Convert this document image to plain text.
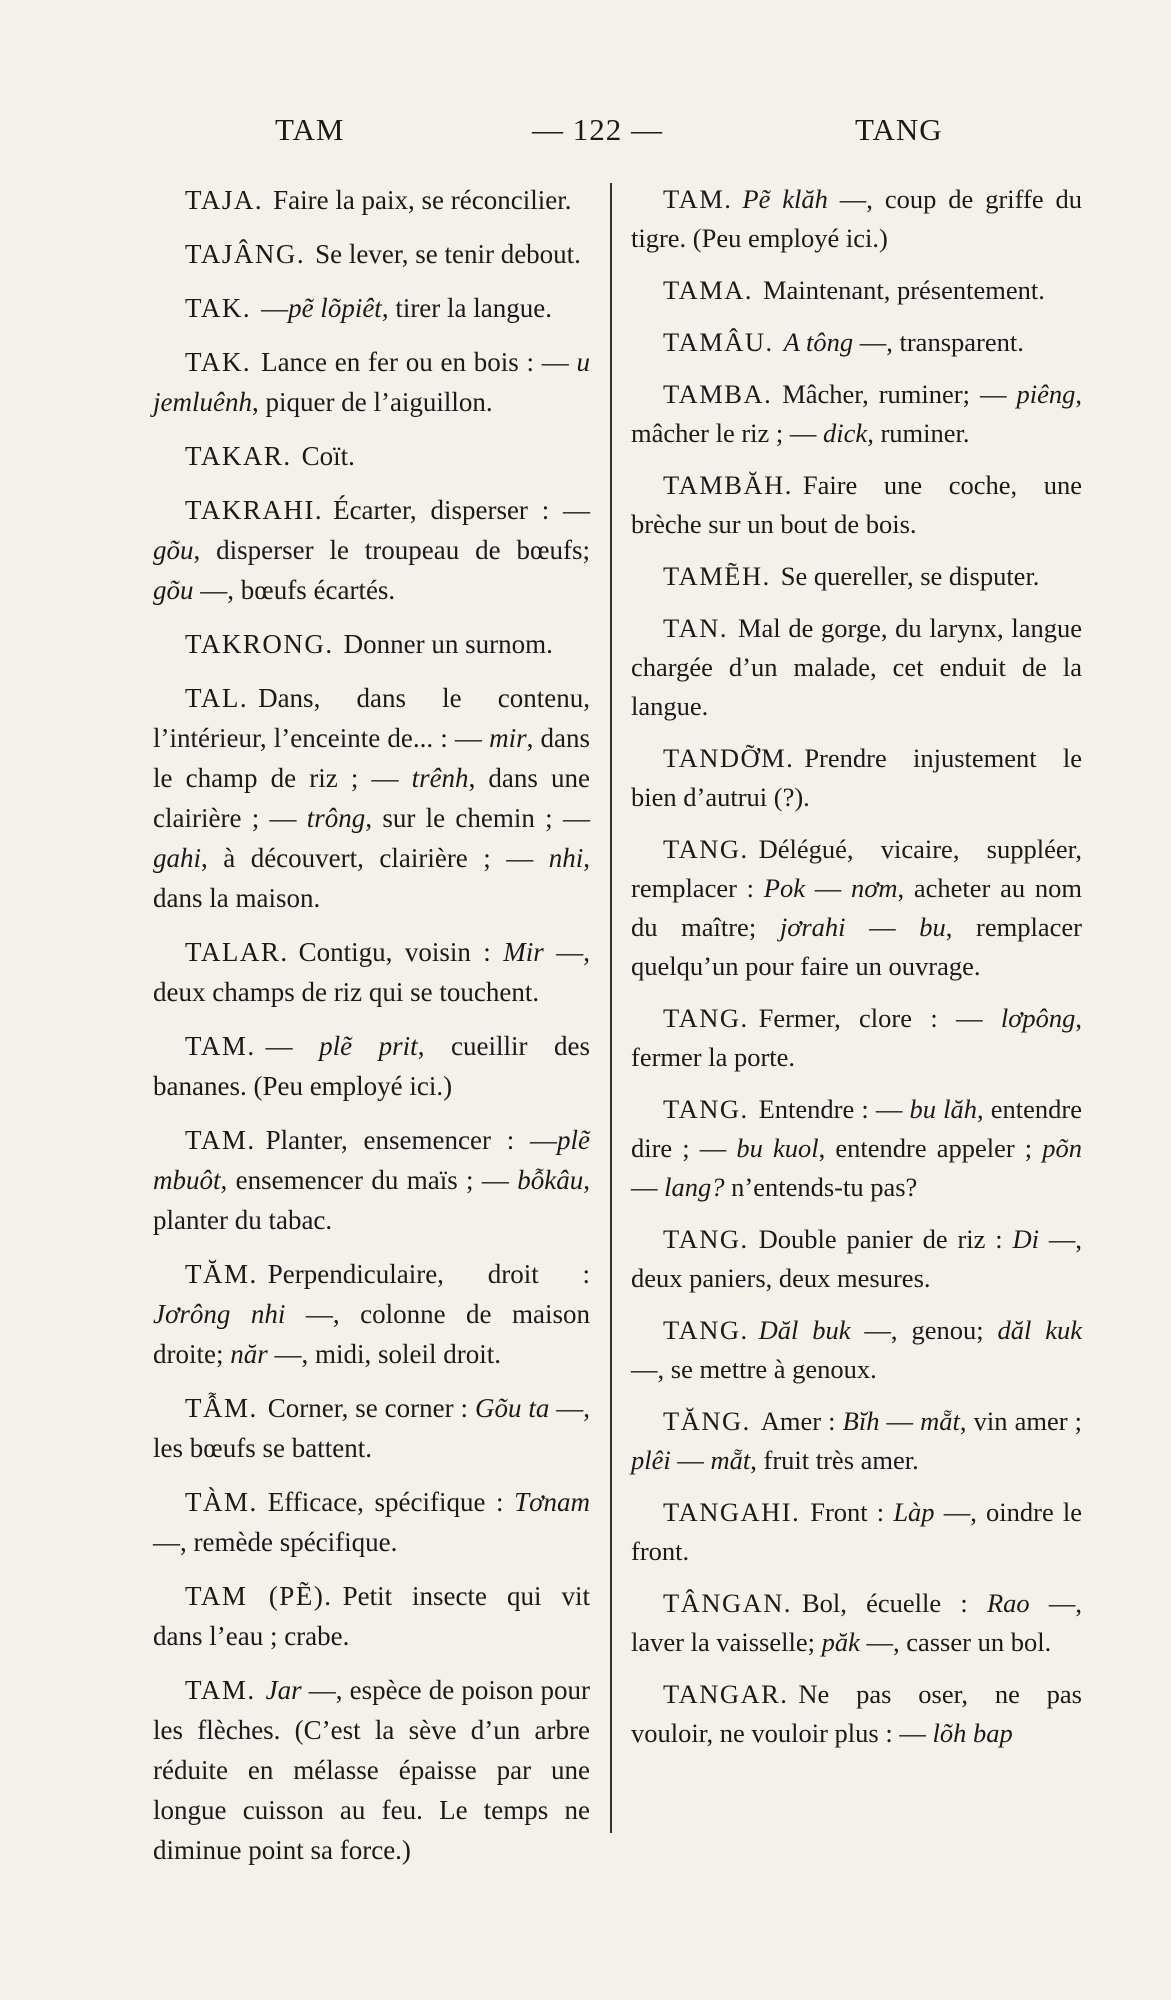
TAM	— 122 —	TANG

TAJA. Faire la paix, se réconcilier.

TAJÂNG. Se lever, se tenir debout.

TAK. —pẽ lõpiêt, tirer la langue.

TAK. Lance en fer ou en bois : — u jemluênh, piquer de l’aiguillon.

TAKAR. Coït.

TAKRAHI. Écarter, disperser : — gõu, disperser le troupeau de bœufs; gõu —, bœufs écartés.

TAKRONG. Donner un surnom.

TAL. Dans, dans le contenu, l’intérieur, l’enceinte de... : — mir, dans le champ de riz ; — trênh, dans une clairière ; — trông, sur le chemin ; — gahi, à découvert, clairière ; — nhi, dans la maison.

TALAR. Contigu, voisin : Mir —, deux champs de riz qui se touchent.

TAM. — plẽ prit, cueillir des bananes. (Peu employé ici.)

TAM. Planter, ensemencer : —plẽ mbuôt, ensemencer du maïs ; — bỗkâu, planter du tabac.

TĂM. Perpendiculaire, droit : Jơrông nhi —, colonne de maison droite; năr —, midi, soleil droit.

TẪM. Corner, se corner : Gõu ta —, les bœufs se battent.

TÀM. Efficace, spécifique : Tơnam —, remède spécifique.

TAM (PẼ). Petit insecte qui vit dans l’eau ; crabe.

TAM. Jar —, espèce de poison pour les flèches. (C’est la sève d’un arbre réduite en mélasse épaisse par une longue cuisson au feu. Le temps ne diminue point sa force.)

TAM. Pẽ klăh —, coup de griffe du tigre. (Peu employé ici.)

TAMA. Maintenant, présentement.

TAMÂU. A tông —, transparent.

TAMBA. Mâcher, ruminer; — piêng, mâcher le riz ; — dick, ruminer.

TAMBĂH. Faire une coche, une brèche sur un bout de bois.

TAMẼH. Se quereller, se disputer.

TAN. Mal de gorge, du larynx, langue chargée d’un malade, cet enduit de la langue.

TANDỠM. Prendre injustement le bien d’autrui (?).

TANG. Délégué, vicaire, suppléer, remplacer : Pok — nơm, acheter au nom du maître; jơrahi — bu, remplacer quelqu’un pour faire un ouvrage.

TANG. Fermer, clore : — lơpông, fermer la porte.

TANG. Entendre : — bu lăh, entendre dire ; — bu kuol, entendre appeler ; põn — lang? n’entends-tu pas?

TANG. Double panier de riz : Di —, deux paniers, deux mesures.

TANG. Dăl buk —, genou; dăl kuk —, se mettre à genoux.

TĂNG. Amer : Bĭh — mẵt, vin amer ; plêi — mẵt, fruit très amer.

TANGAHI. Front : Làp —, oindre le front.

TÂNGAN. Bol, écuelle : Rao —, laver la vaisselle; păk —, casser un bol.

TANGAR. Ne pas oser, ne pas vouloir, ne vouloir plus : — lõh bap
